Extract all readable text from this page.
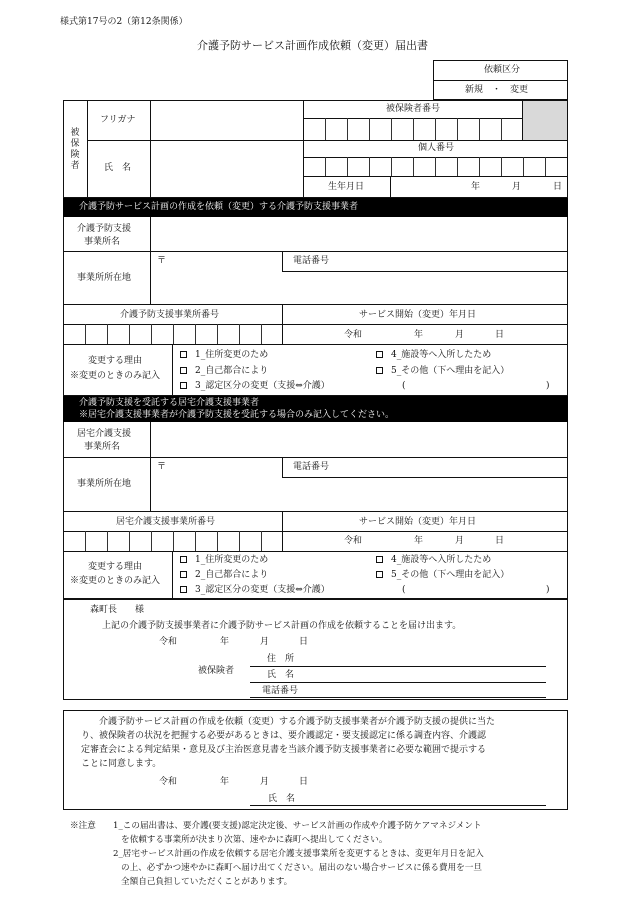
様式第17号の2（第12条関係）
介護予防サービス計画作成依頼（変更）届出書
依頼区分
新規　・　変更
被
保
険
者
フリガナ
氏　名
被保険者番号
個人番号
生年月日	年	月	日
介護予防サービス計画の作成を依頼（変更）する介護予防支援事業者
介護予防支援
事業所名
〒	電話番号
事業所所在地
介護予防支援事業所番号	サービス開始（変更）年月日
令和	年	月	日
変更する理由
※変更のときのみ記入
1_住所変更のため
2_自己都合により
3_認定区分の変更（支援⇔介護）
4_施設等へ入所したため
5_その他（下へ理由を記入）
(	)
介護予防支援を受託する居宅介護支援事業者
※居宅介護支援事業者が介護予防支援を受託する場合のみ記入してください。
居宅介護支援
事業所名
〒	電話番号
事業所所在地
居宅介護支援事業所番号	サービス開始（変更）年月日
令和	年	月	日
変更する理由
※変更のときのみ記入
1_住所変更のため
2_自己都合により
3_認定区分の変更（支援⇔介護）
4_施設等へ入所したため
5_その他（下へ理由を記入）
(	)
森町長　　様
上記の介護予防支援事業者に介護予防サービス計画の作成を依頼することを届け出ます。
令和	年	月	日
被保険者
住　所
氏　名
電話番号
介護予防サービス計画の作成を依頼（変更）する介護予防支援事業者が介護予防支援の提供に当た
り、被保険者の状況を把握する必要があるときは、要介護認定・要支援認定に係る調査内容、介護認
定審査会による判定結果・意見及び主治医意見書を当該介護予防支援事業者に必要な範囲で提示する
ことに同意します。
令和	年	月	日
氏　名
※注意 1_この届出書は、要介護(要支援)認定決定後、サービス計画の作成や介護予防ケアマネジメント
を依頼する事業所が決まり次第、速やかに森町へ提出してください。
2_居宅サービス計画の作成を依頼する居宅介護支援事業所を変更するときは、変更年月日を記入
の上、必ずかつ速やかに森町へ届け出てください。届出のない場合サービスに係る費用を一旦
全額自己負担していただくことがあります。
